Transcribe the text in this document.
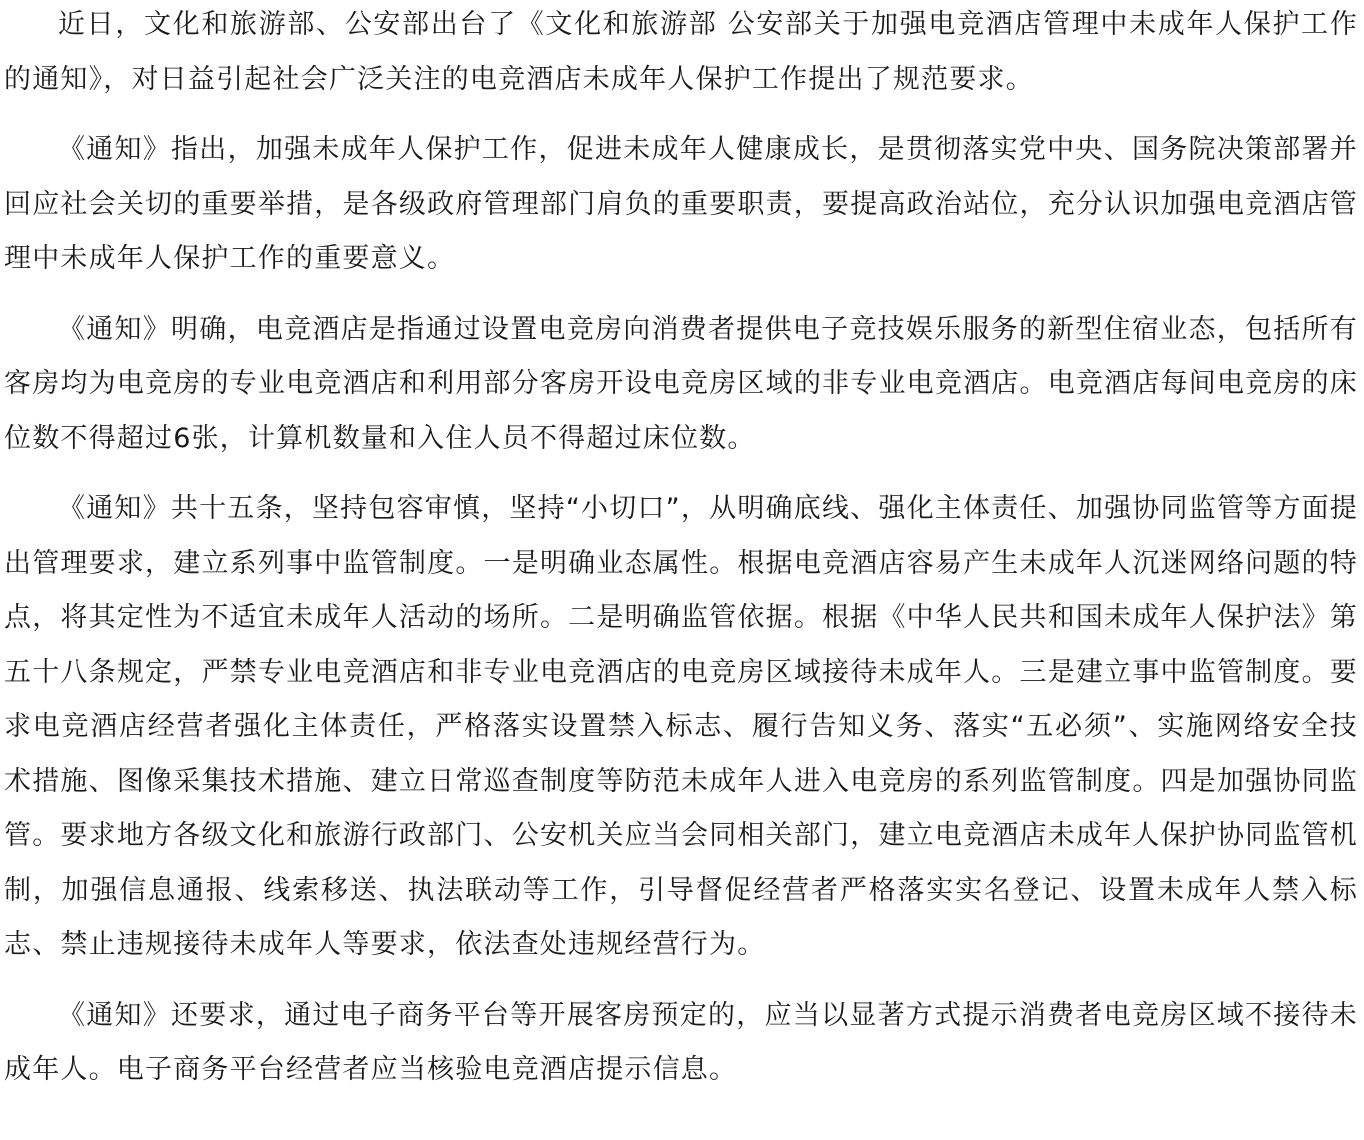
近日，文化和旅游部、公安部出台了《文化和旅游部 公安部关于加强电竞酒店管理中未成年人保护工作的通知》，对日益引起社会广泛关注的电竞酒店未成年人保护工作提出了规范要求。

《通知》指出，加强未成年人保护工作，促进未成年人健康成长，是贯彻落实党中央、国务院决策部署并回应社会关切的重要举措，是各级政府管理部门肩负的重要职责，要提高政治站位，充分认识加强电竞酒店管理中未成年人保护工作的重要意义。

《通知》明确，电竞酒店是指通过设置电竞房向消费者提供电子竞技娱乐服务的新型住宿业态，包括所有客房均为电竞房的专业电竞酒店和利用部分客房开设电竞房区域的非专业电竞酒店。电竞酒店每间电竞房的床位数不得超过6张，计算机数量和入住人员不得超过床位数。

《通知》共十五条，坚持包容审慎，坚持“小切口”，从明确底线、强化主体责任、加强协同监管等方面提出管理要求，建立系列事中监管制度。一是明确业态属性。根据电竞酒店容易产生未成年人沉迷网络问题的特点，将其定性为不适宜未成年人活动的场所。二是明确监管依据。根据《中华人民共和国未成年人保护法》第五十八条规定，严禁专业电竞酒店和非专业电竞酒店的电竞房区域接待未成年人。三是建立事中监管制度。要求电竞酒店经营者强化主体责任，严格落实设置禁入标志、履行告知义务、落实“五必须”、实施网络安全技术措施、图像采集技术措施、建立日常巡查制度等防范未成年人进入电竞房的系列监管制度。四是加强协同监管。要求地方各级文化和旅游行政部门、公安机关应当会同相关部门，建立电竞酒店未成年人保护协同监管机制，加强信息通报、线索移送、执法联动等工作，引导督促经营者严格落实实名登记、设置未成年人禁入标志、禁止违规接待未成年人等要求，依法查处违规经营行为。

《通知》还要求，通过电子商务平台等开展客房预定的，应当以显著方式提示消费者电竞房区域不接待未成年人。电子商务平台经营者应当核验电竞酒店提示信息。
